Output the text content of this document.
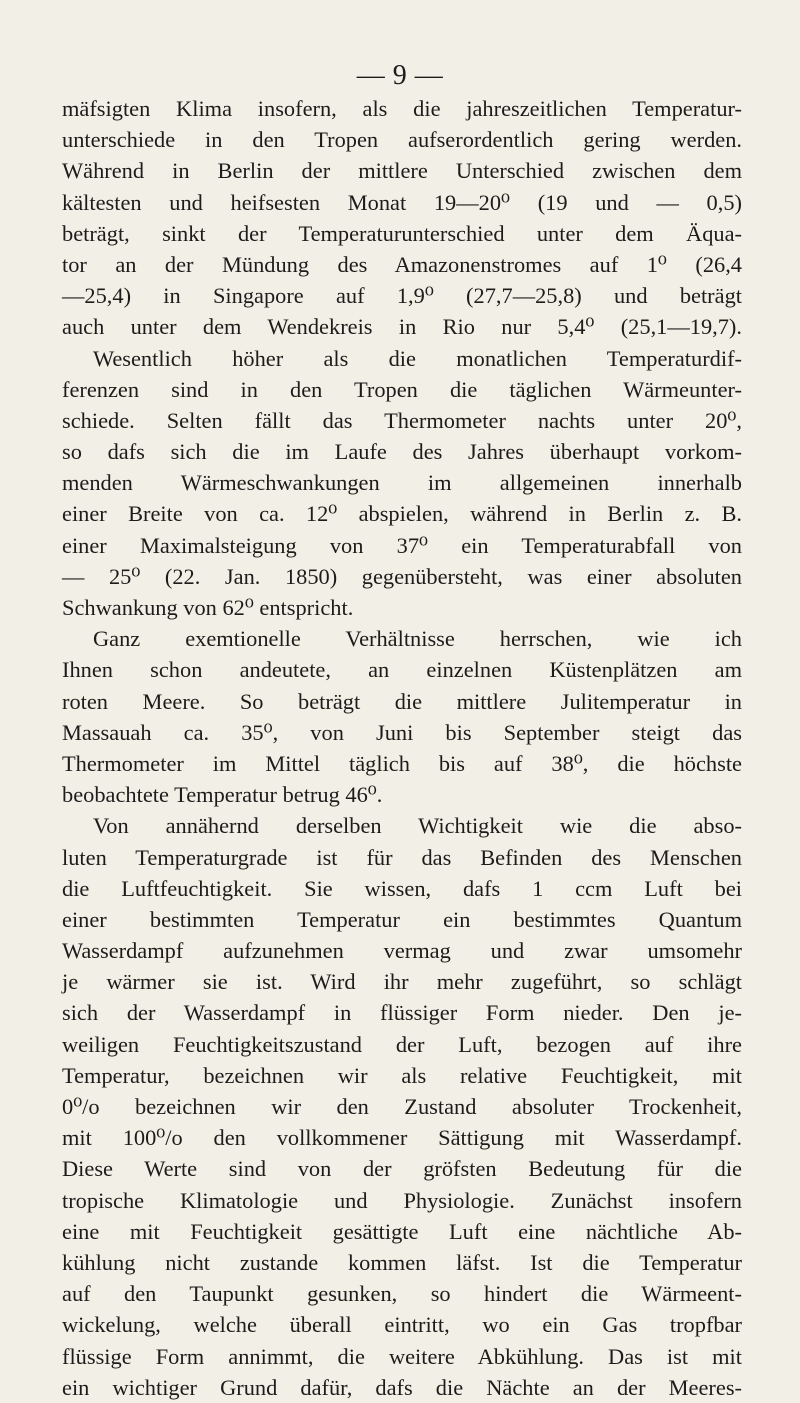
— 9 —
mäfsigten Klima insofern, als die jahreszeitlichen Temperatur-
unterschiede in den Tropen aufserordentlich gering werden.
Während in Berlin der mittlere Unterschied zwischen dem
kältesten und heifsesten Monat 19—20⁰ (19 und — 0,5)
beträgt, sinkt der Temperaturunterschied unter dem Äqua-
tor an der Mündung des Amazonenstromes auf 1⁰ (26,4
—25,4) in Singapore auf 1,9⁰ (27,7—25,8) und beträgt
auch unter dem Wendekreis in Rio nur 5,4⁰ (25,1—19,7).
Wesentlich höher als die monatlichen Temperaturdif-
ferenzen sind in den Tropen die täglichen Wärmeunter-
schiede. Selten fällt das Thermometer nachts unter 20⁰,
so dafs sich die im Laufe des Jahres überhaupt vorkom-
menden Wärmeschwankungen im allgemeinen innerhalb
einer Breite von ca. 12⁰ abspielen, während in Berlin z. B.
einer Maximalsteigung von 37⁰ ein Temperaturabfall von
— 25⁰ (22. Jan. 1850) gegenübersteht, was einer absoluten
Schwankung von 62⁰ entspricht.
Ganz exemtionelle Verhältnisse herrschen, wie ich
Ihnen schon andeutete, an einzelnen Küstenplätzen am
roten Meere. So beträgt die mittlere Julitemperatur in
Massauah ca. 35⁰, von Juni bis September steigt das
Thermometer im Mittel täglich bis auf 38⁰, die höchste
beobachtete Temperatur betrug 46⁰.
Von annähernd derselben Wichtigkeit wie die abso-
luten Temperaturgrade ist für das Befinden des Menschen
die Luftfeuchtigkeit. Sie wissen, dafs 1 ccm Luft bei
einer bestimmten Temperatur ein bestimmtes Quantum
Wasserdampf aufzunehmen vermag und zwar umsomehr
je wärmer sie ist. Wird ihr mehr zugeführt, so schlägt
sich der Wasserdampf in flüssiger Form nieder. Den je-
weiligen Feuchtigkeitszustand der Luft, bezogen auf ihre
Temperatur, bezeichnen wir als relative Feuchtigkeit, mit
0⁰/o bezeichnen wir den Zustand absoluter Trockenheit,
mit 100⁰/o den vollkommener Sättigung mit Wasserdampf.
Diese Werte sind von der gröfsten Bedeutung für die
tropische Klimatologie und Physiologie. Zunächst insofern
eine mit Feuchtigkeit gesättigte Luft eine nächtliche Ab-
kühlung nicht zustande kommen läfst. Ist die Temperatur
auf den Taupunkt gesunken, so hindert die Wärmeent-
wickelung, welche überall eintritt, wo ein Gas tropfbar
flüssige Form annimmt, die weitere Abkühlung. Das ist mit
ein wichtiger Grund dafür, dafs die Nächte an der Meeres-
